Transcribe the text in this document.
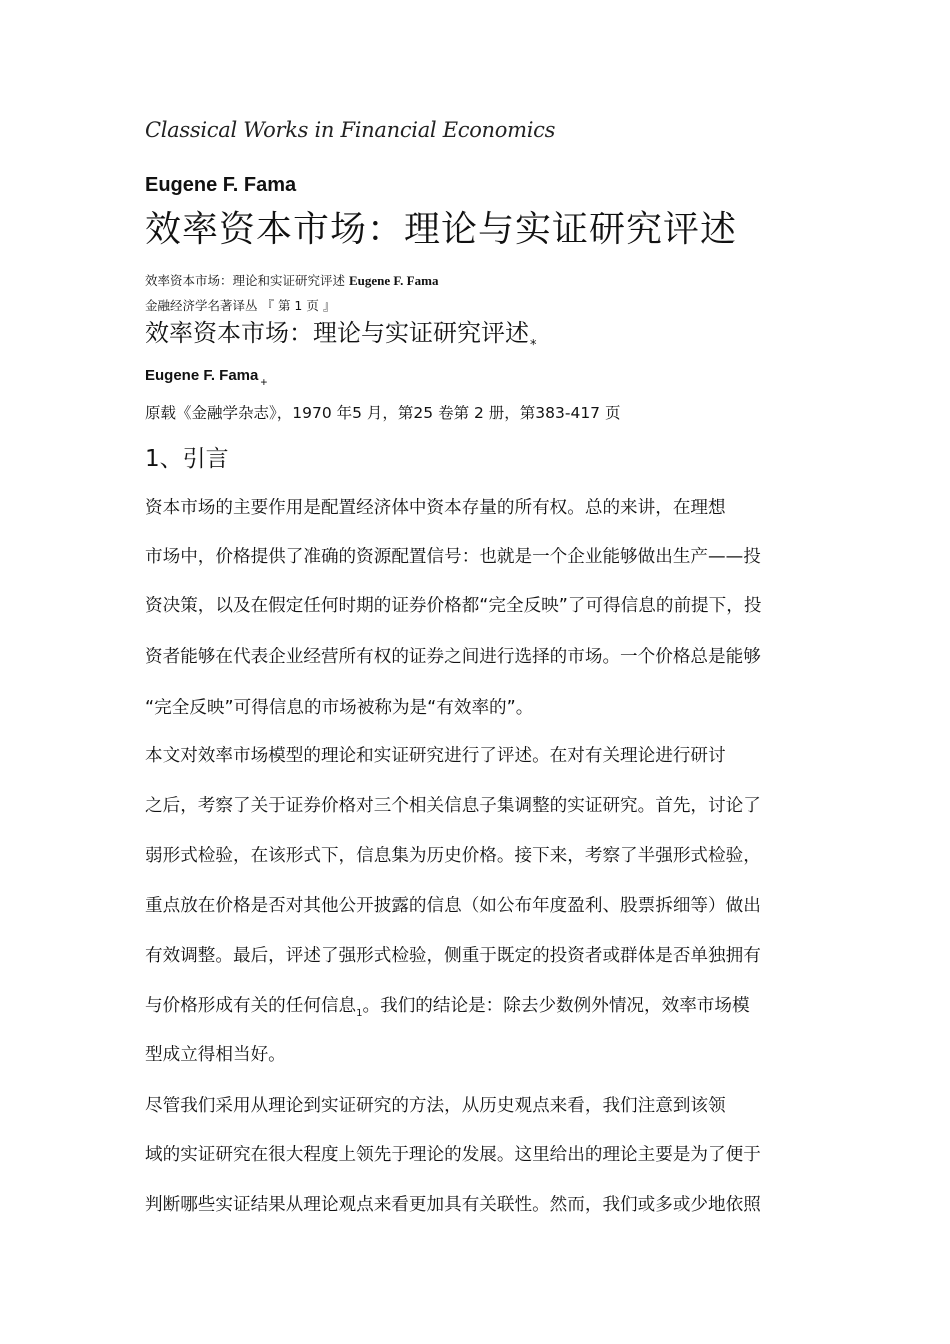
Classical Works in Financial Economics
Eugene F. Fama
效率资本市场：理论与实证研究评述
效率资本市场：理论和实证研究评述 Eugene F. Fama
金融经济学名著译丛 『 第 1 页 』
效率资本市场：理论与实证研究评述$_*$
Eugene F. Fama $_+$
原载《金融学杂志》，1970 年5 月，第25 卷第 2 册，第383-417 页
1、引言
资本市场的主要作用是配置经济体中资本存量的所有权。总的来讲，在理想
市场中，价格提供了准确的资源配置信号：也就是一个企业能够做出生产——投
资决策，以及在假定任何时期的证券价格都“完全反映”了可得信息的前提下，投
资者能够在代表企业经营所有权的证券之间进行选择的市场。一个价格总是能够
“完全反映”可得信息的市场被称为是“有效率的”。
本文对效率市场模型的理论和实证研究进行了评述。在对有关理论进行研讨
之后，考察了关于证券价格对三个相关信息子集调整的实证研究。首先，讨论了
弱形式检验，在该形式下，信息集为历史价格。接下来，考察了半强形式检验，
重点放在价格是否对其他公开披露的信息（如公布年度盈利、股票拆细等）做出
有效调整。最后，评述了强形式检验，侧重于既定的投资者或群体是否单独拥有
与价格形成有关的任何信息$_1$。我们的结论是：除去少数例外情况，效率市场模
型成立得相当好。
尽管我们采用从理论到实证研究的方法，从历史观点来看，我们注意到该领
域的实证研究在很大程度上领先于理论的发展。这里给出的理论主要是为了便于
判断哪些实证结果从理论观点来看更加具有关联性。然而，我们或多或少地依照
